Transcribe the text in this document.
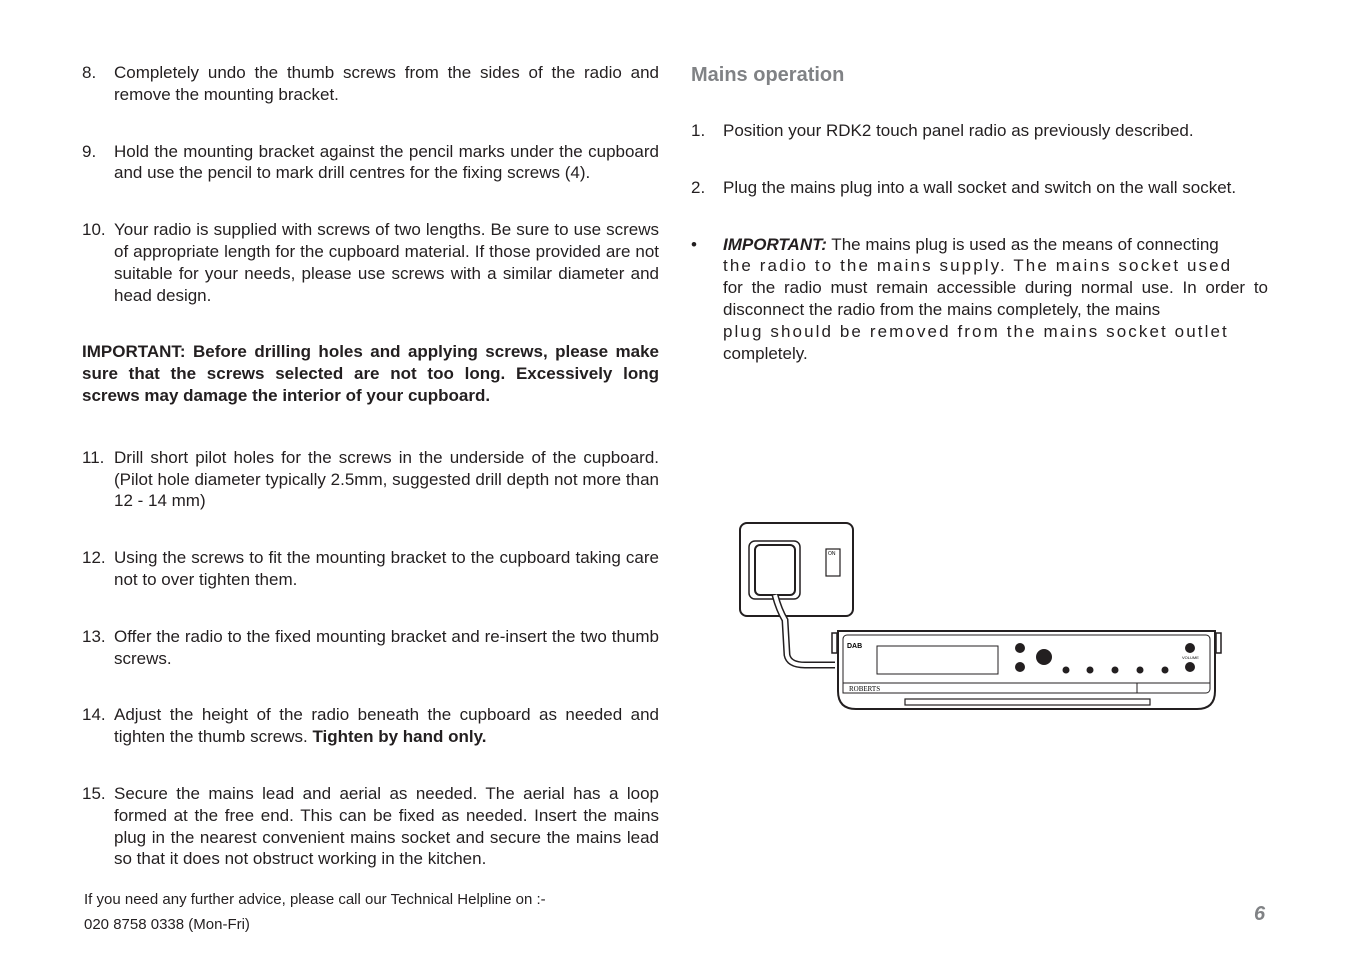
8. Completely undo the thumb screws from the sides of the radio and remove the mounting bracket.
9. Hold the mounting bracket against the pencil marks under the cupboard and use the pencil to mark drill centres for the fixing screws (4).
10. Your radio is supplied with screws of two lengths. Be sure to use screws of appropriate length for the cupboard material. If those provided are not suitable for your needs, please use screws with a similar diameter and head design.
IMPORTANT: Before drilling holes and applying screws, please make sure that the screws selected are not too long. Excessively long screws may damage the interior of your cupboard.
11. Drill short pilot holes for the screws in the underside of the cupboard. (Pilot hole diameter typically 2.5mm, suggested drill depth not more than 12 - 14 mm)
12. Using the screws to fit the mounting bracket to the cupboard taking care not to over tighten them.
13. Offer the radio to the fixed mounting bracket and re-insert the two thumb screws.
14. Adjust the height of the radio beneath the cupboard as needed and tighten the thumb screws. Tighten by hand only.
15. Secure the mains lead and aerial as needed. The aerial has a loop formed at the free end. This can be fixed as needed. Insert the mains plug in the nearest convenient mains socket and secure the mains lead so that it does not obstruct working in the kitchen.
If you need any further advice, please call our Technical Helpline on :-
020 8758 0338 (Mon-Fri)
Mains operation
1. Position your RDK2 touch panel radio as previously described.
2. Plug the mains plug into a wall socket and switch on the wall socket.
• IMPORTANT: The mains plug is used as the means of connecting
the radio to the mains supply. The mains socket used
for the radio must remain accessible during normal use. In order to disconnect the radio from the mains completely, the mains
plug should be removed from the mains socket outlet
completely.
ON
DAB
VOLUME
ROBERTS
6
